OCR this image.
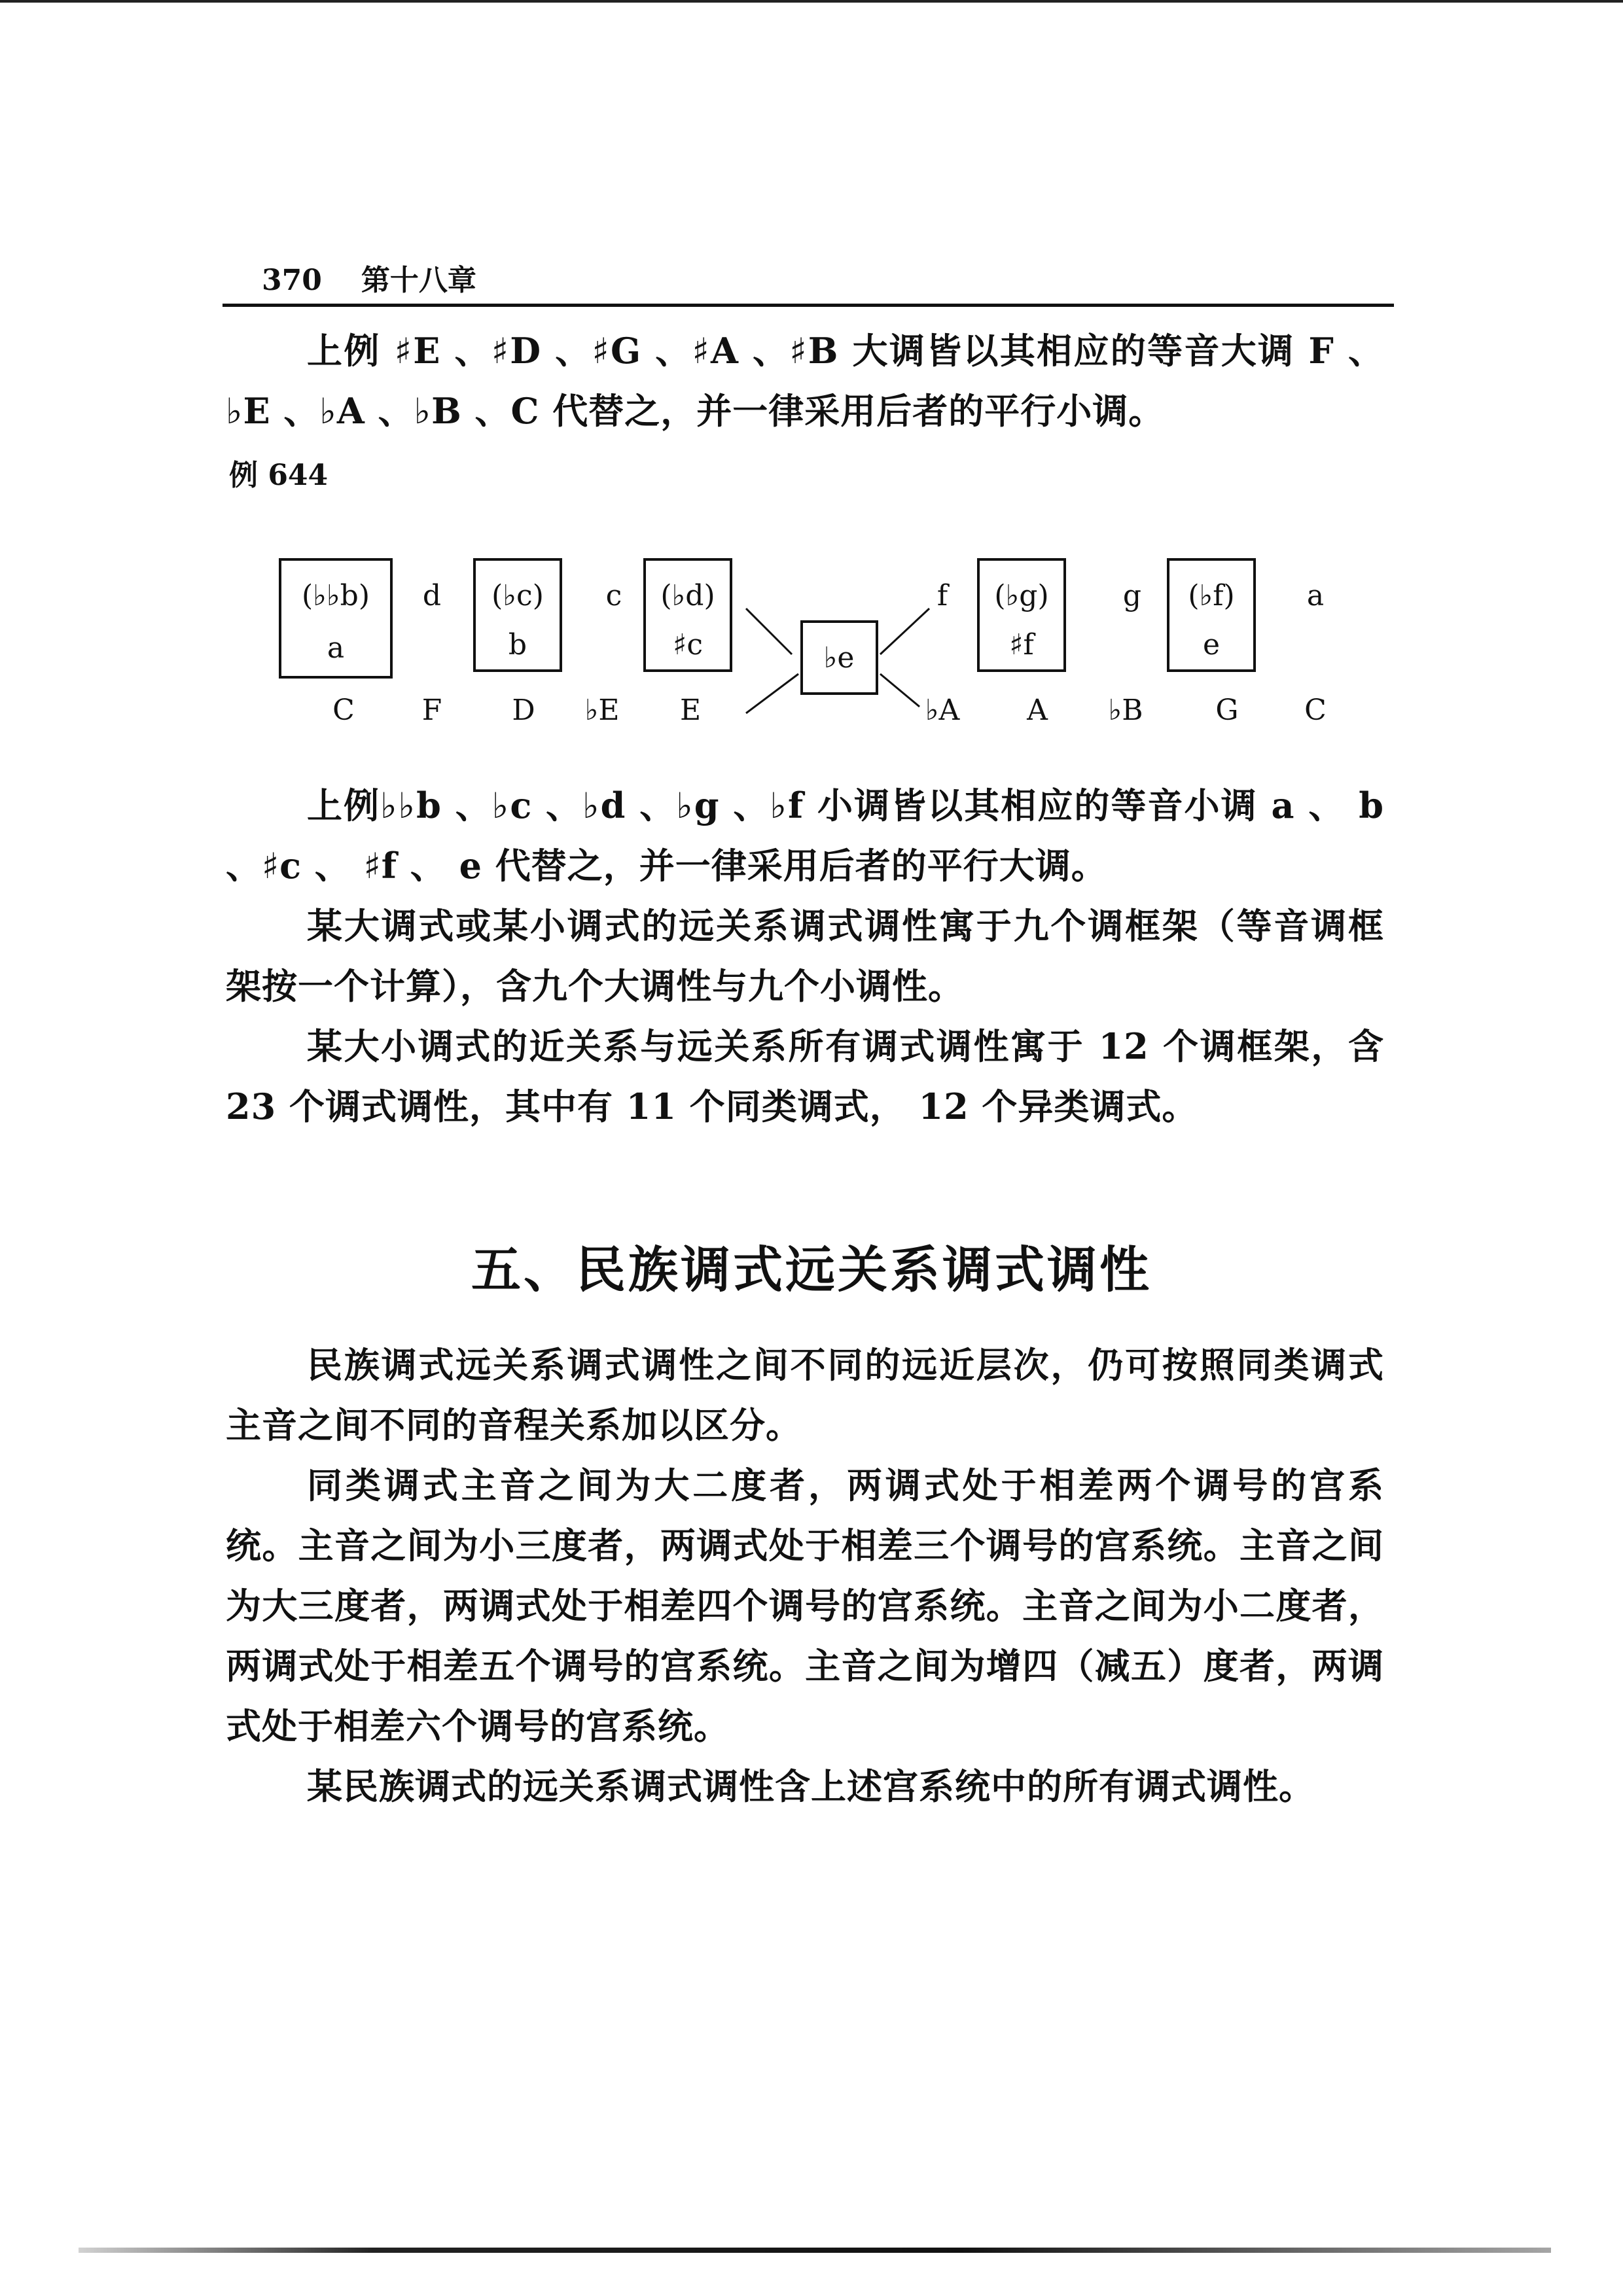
370 第十八章

上例 ♯E 、♯D 、♯G 、♯A 、♯B 大调皆以其相应的等音大调 F 、♭E 、♭A 、♭B 、C 代替之，并一律采用后者的平行小调。

例 644
(♭♭b)
a
d (♭c)
b
c (♭d)
♯c	♭e
f (♭g)
♯f
g (♭f)
e
a
C F D ♭E E	♭A A ♭B	G C

上例♭♭b 、♭c 、♭d 、♭g 、♭f 小调皆以其相应的等音小调 a 、 b 、♯c 、 ♯f 、 e 代替之，并一律采用后者的平行大调。

某大调式或某小调式的远关系调式调性寓于九个调框架（等音调框架按一个计算），含九个大调性与九个小调性。

某大小调式的近关系与远关系所有调式调性寓于 12 个调框架，含 23 个调式调性，其中有 11 个同类调式， 12 个异类调式。

五、民族调式远关系调式调性

民族调式远关系调式调性之间不同的远近层次，仍可按照同类调式主音之间不同的音程关系加以区分。

同类调式主音之间为大二度者，两调式处于相差两个调号的宫系统。主音之间为小三度者，两调式处于相差三个调号的宫系统。主音之间为大三度者，两调式处于相差四个调号的宫系统。主音之间为小二度者，两调式处于相差五个调号的宫系统。主音之间为增四（减五）度者，两调式处于相差六个调号的宫系统。

某民族调式的远关系调式调性含上述宫系统中的所有调式调性。
